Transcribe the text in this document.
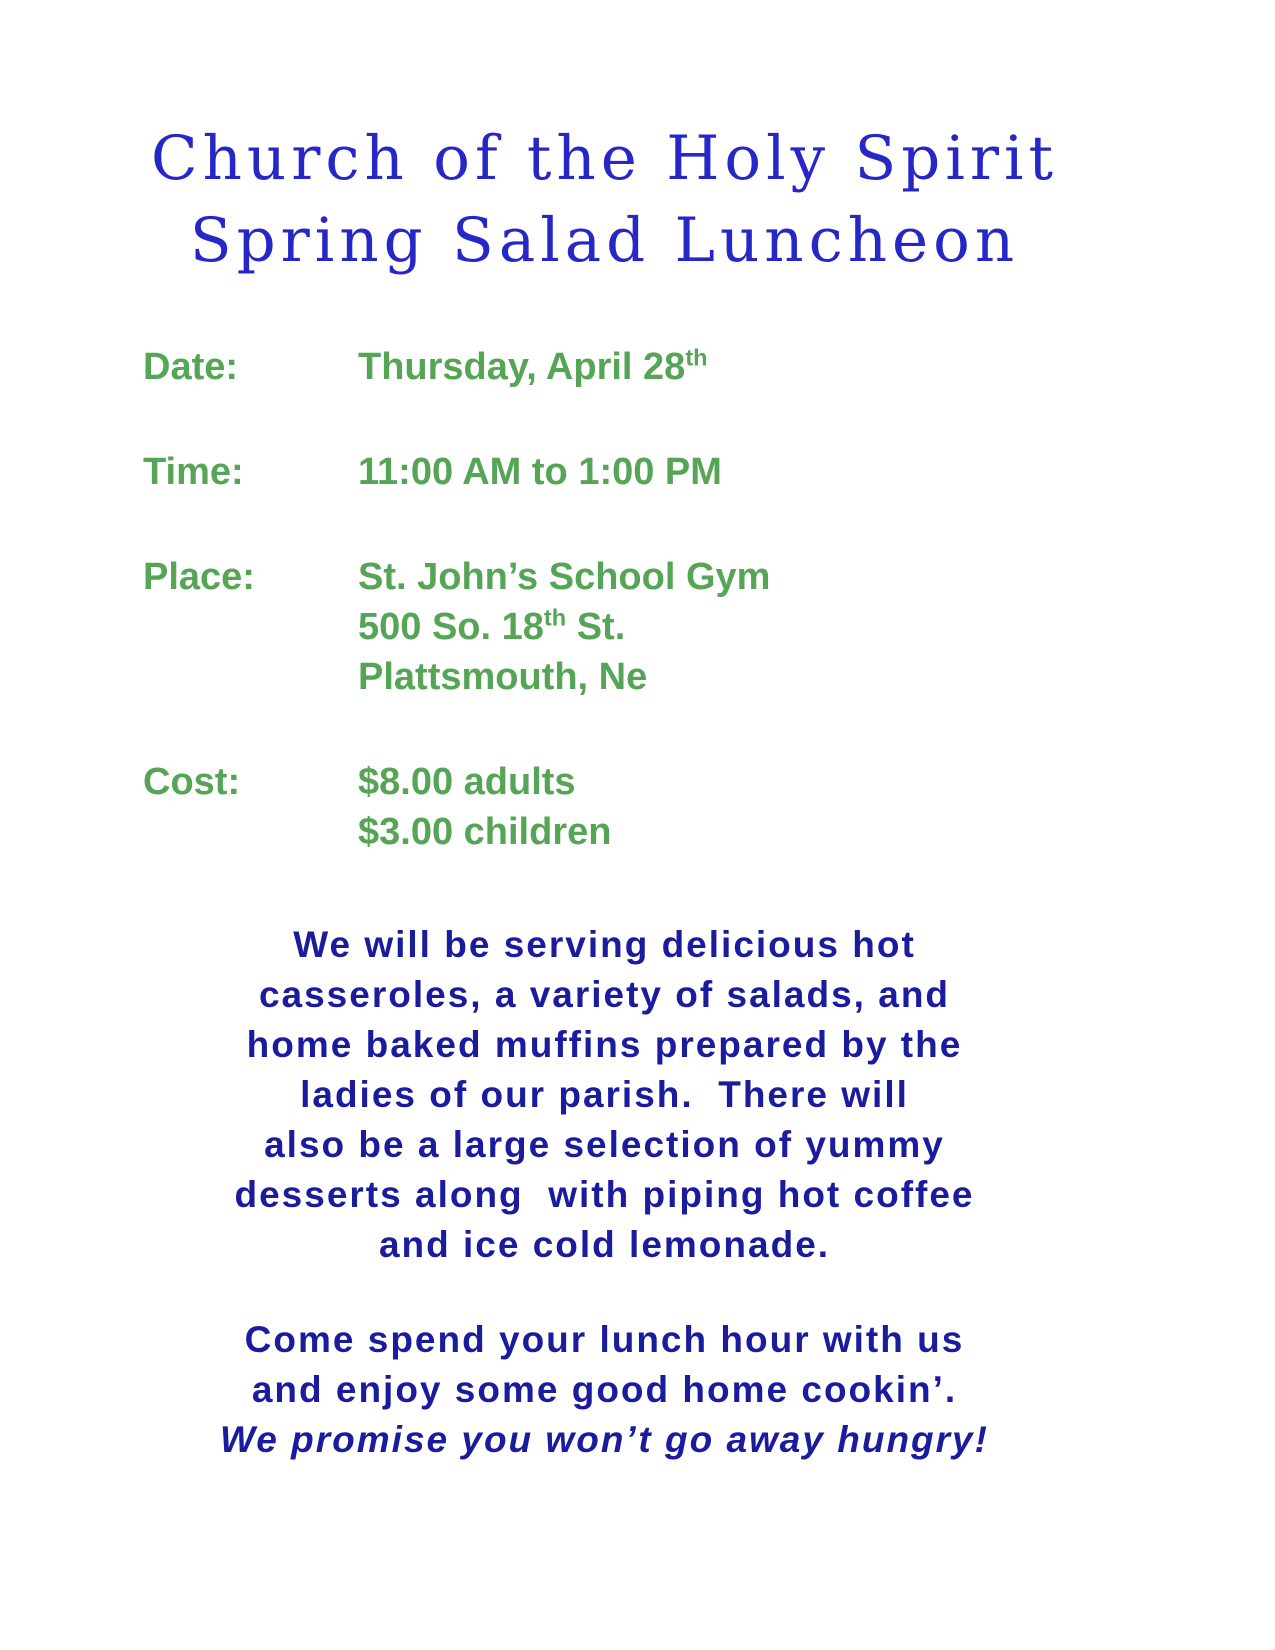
Church of the Holy Spirit
Spring Salad Luncheon
Date:	Thursday, April 28th
Time:	11:00 AM to 1:00 PM
Place:	St. John’s School Gym
500 So. 18th St.
Plattsmouth, Ne
Cost:	$8.00 adults
$3.00 children
We will be serving delicious hot
casseroles, a variety of salads, and
home baked muffins prepared by the
ladies of our parish.  There will
also be a large selection of yummy
desserts along  with piping hot coffee
and ice cold lemonade.
Come spend your lunch hour with us
and enjoy some good home cookin’.
We promise you won’t go away hungry!
